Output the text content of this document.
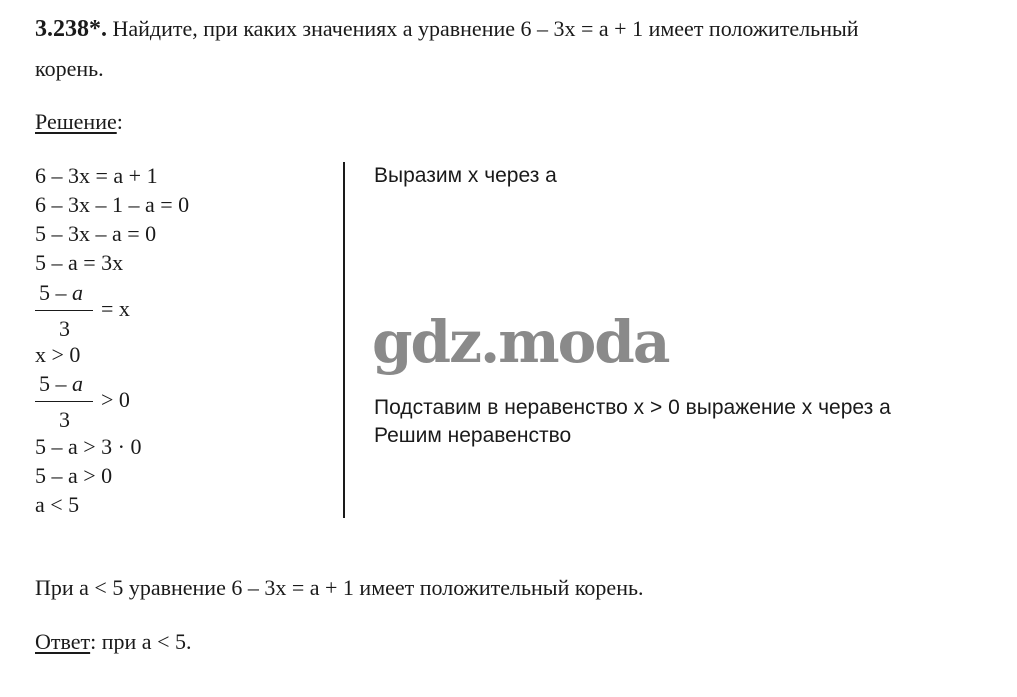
3.238*. Найдите, при каких значениях a уравнение 6 – 3x = a + 1 имеет положительный
корень.
Решение:
6 – 3x = a + 1
6 – 3x – 1 – a = 0
5 – 3x – a = 0
5 – a = 3x
5 – a
3
= x
x > 0
5 – a
3
> 0
5 – a > 3 · 0
5 – a > 0
a < 5
Выразим x через a
gdz.moda
Подставим в неравенство x > 0 выражение x через a
Решим неравенство
При a < 5 уравнение 6 – 3x = a + 1 имеет положительный корень.
Ответ: при a < 5.
